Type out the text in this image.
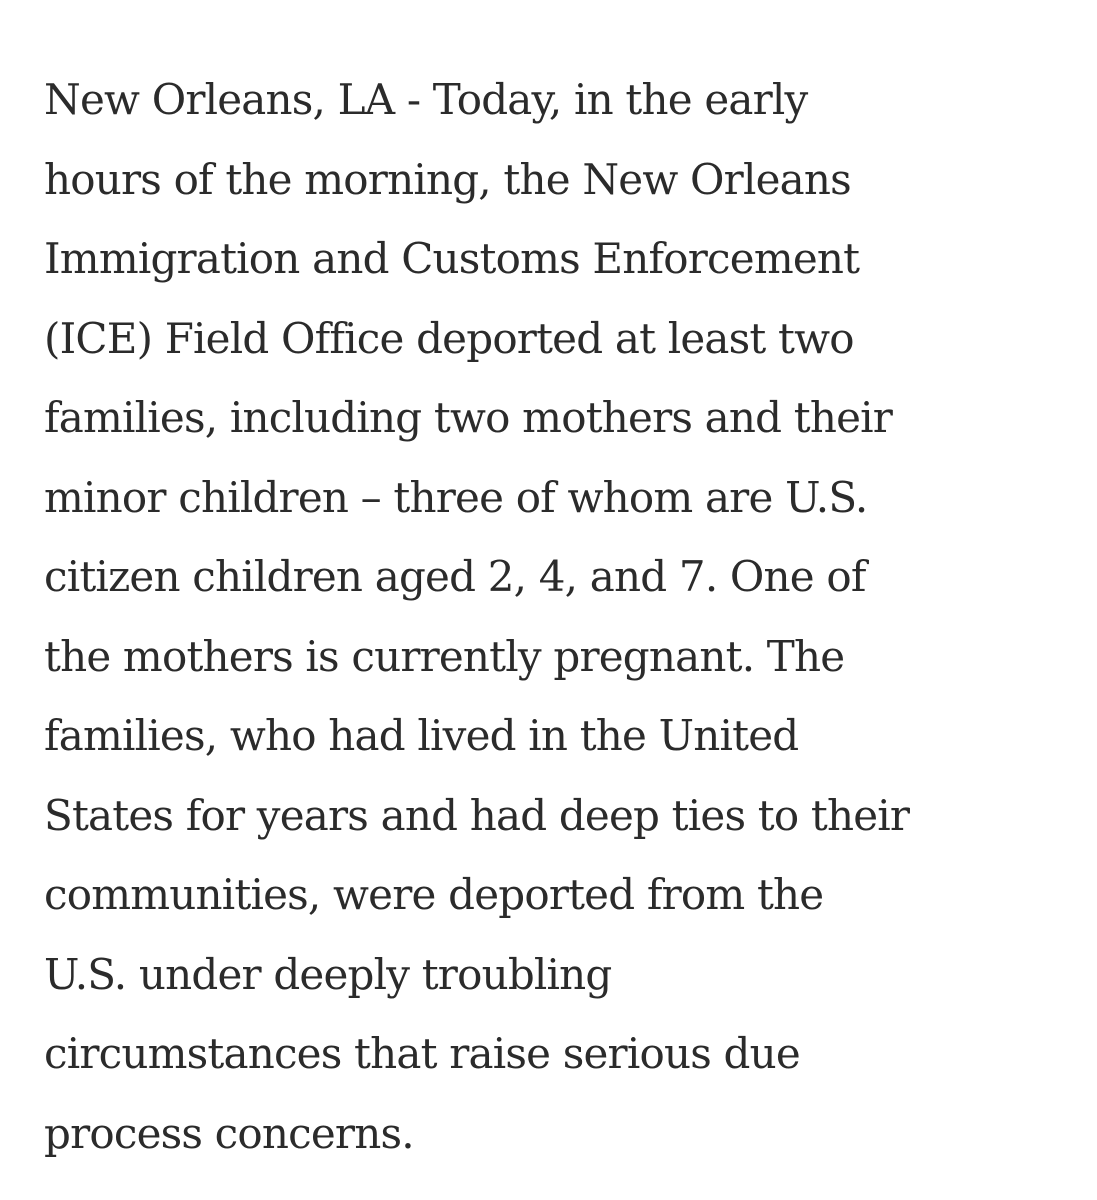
New Orleans, LA - Today, in the early
hours of the morning, the New Orleans
Immigration and Customs Enforcement
(ICE) Field Office deported at least two
families, including two mothers and their
minor children – three of whom are U.S.
citizen children aged 2, 4, and 7. One of
the mothers is currently pregnant. The
families, who had lived in the United
States for years and had deep ties to their
communities, were deported from the
U.S. under deeply troubling
circumstances that raise serious due
process concerns.
